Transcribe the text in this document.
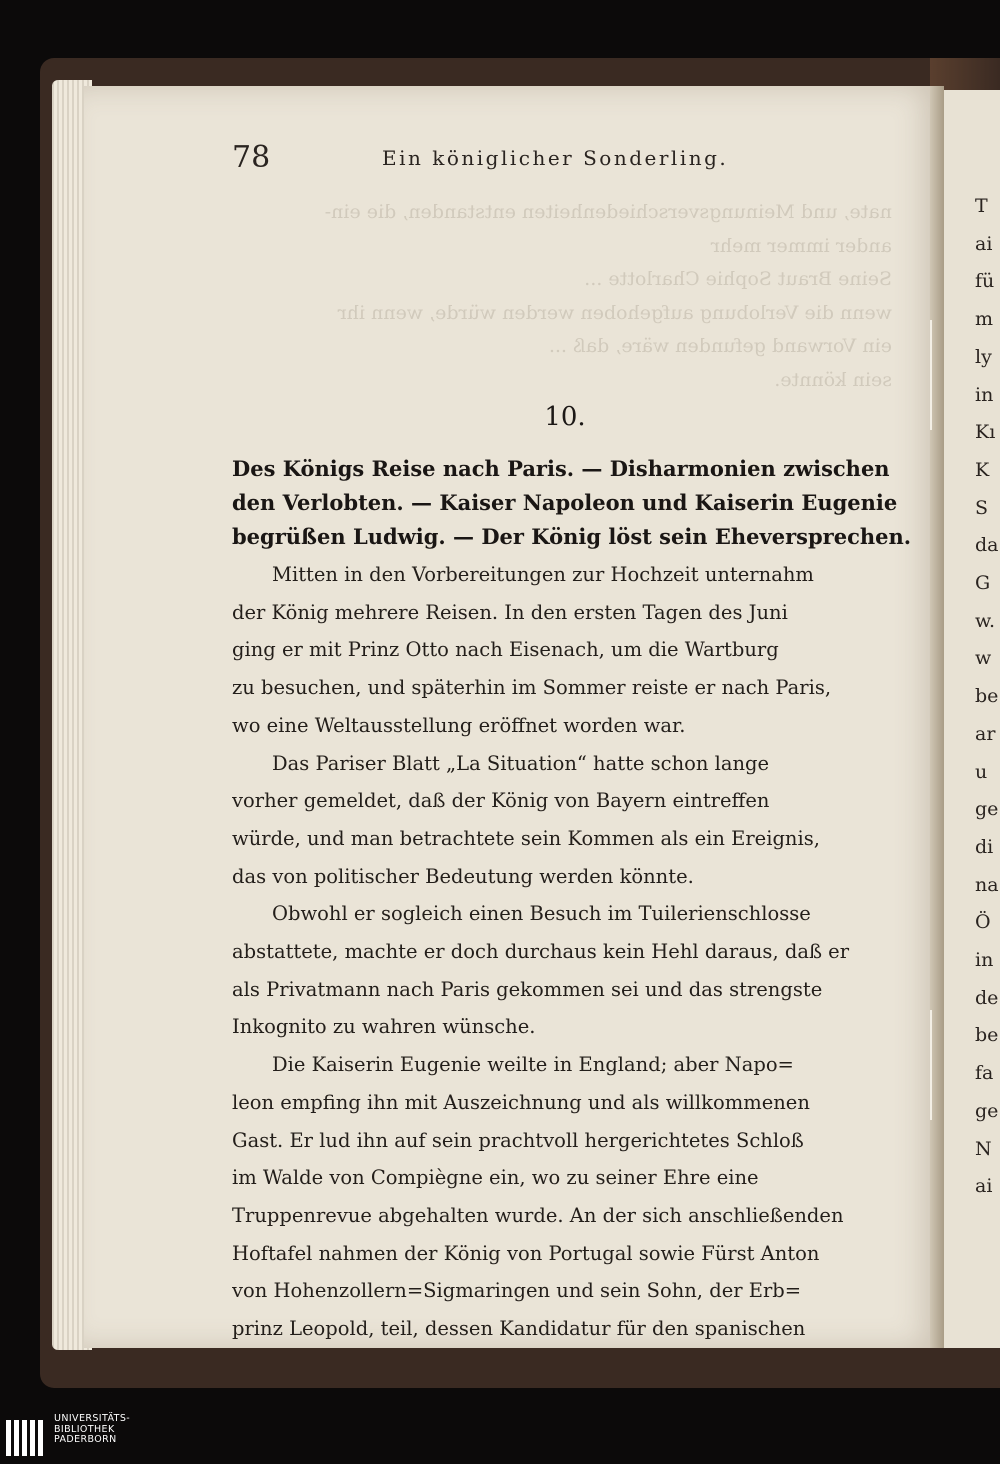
nate, und Meinungsverschiedenheiten entstanden, die ein-
ander immer mehr
Seine Braut Sophie Charlotte ...
wenn die Verlobung aufgehoben werden würde, wenn ihr
ein Vorwand gefunden wäre, daß ...
sein könnte.
78	Ein königlicher Sonderling.
10.
Des Königs Reise nach Paris. — Disharmonien zwischen
den Verlobten. — Kaiser Napoleon und Kaiserin Eugenie
begrüßen Ludwig. — Der König löst sein Eheversprechen.
Mitten in den Vorbereitungen zur Hochzeit unternahm
der König mehrere Reisen. In den ersten Tagen des Juni
ging er mit Prinz Otto nach Eisenach, um die Wartburg
zu besuchen, und späterhin im Sommer reiste er nach Paris,
wo eine Weltausstellung eröffnet worden war.
Das Pariser Blatt „La Situation“ hatte schon lange
vorher gemeldet, daß der König von Bayern eintreffen
würde, und man betrachtete sein Kommen als ein Ereignis,
das von politischer Bedeutung werden könnte.
Obwohl er sogleich einen Besuch im Tuilerienschlosse
abstattete, machte er doch durchaus kein Hehl daraus, daß er
als Privatmann nach Paris gekommen sei und das strengste
Inkognito zu wahren wünsche.
Die Kaiserin Eugenie weilte in England; aber Napo=
leon empfing ihn mit Auszeichnung und als willkommenen
Gast. Er lud ihn auf sein prachtvoll hergerichtetes Schloß
im Walde von Compiègne ein, wo zu seiner Ehre eine
Truppenrevue abgehalten wurde. An der sich anschließenden
Hoftafel nahmen der König von Portugal sowie Fürst Anton
von Hohenzollern=Sigmaringen und sein Sohn, der Erb=
prinz Leopold, teil, dessen Kandidatur für den spanischen
T
ai
fü
m
ly
in
Kı
K
S
da
G
w.
w
be
ar
u
ge
di
na
Ö
in
de
be
fa
ge
N
ai
UNIVERSITÄTS-
BIBLIOTHEK
PADERBORN
